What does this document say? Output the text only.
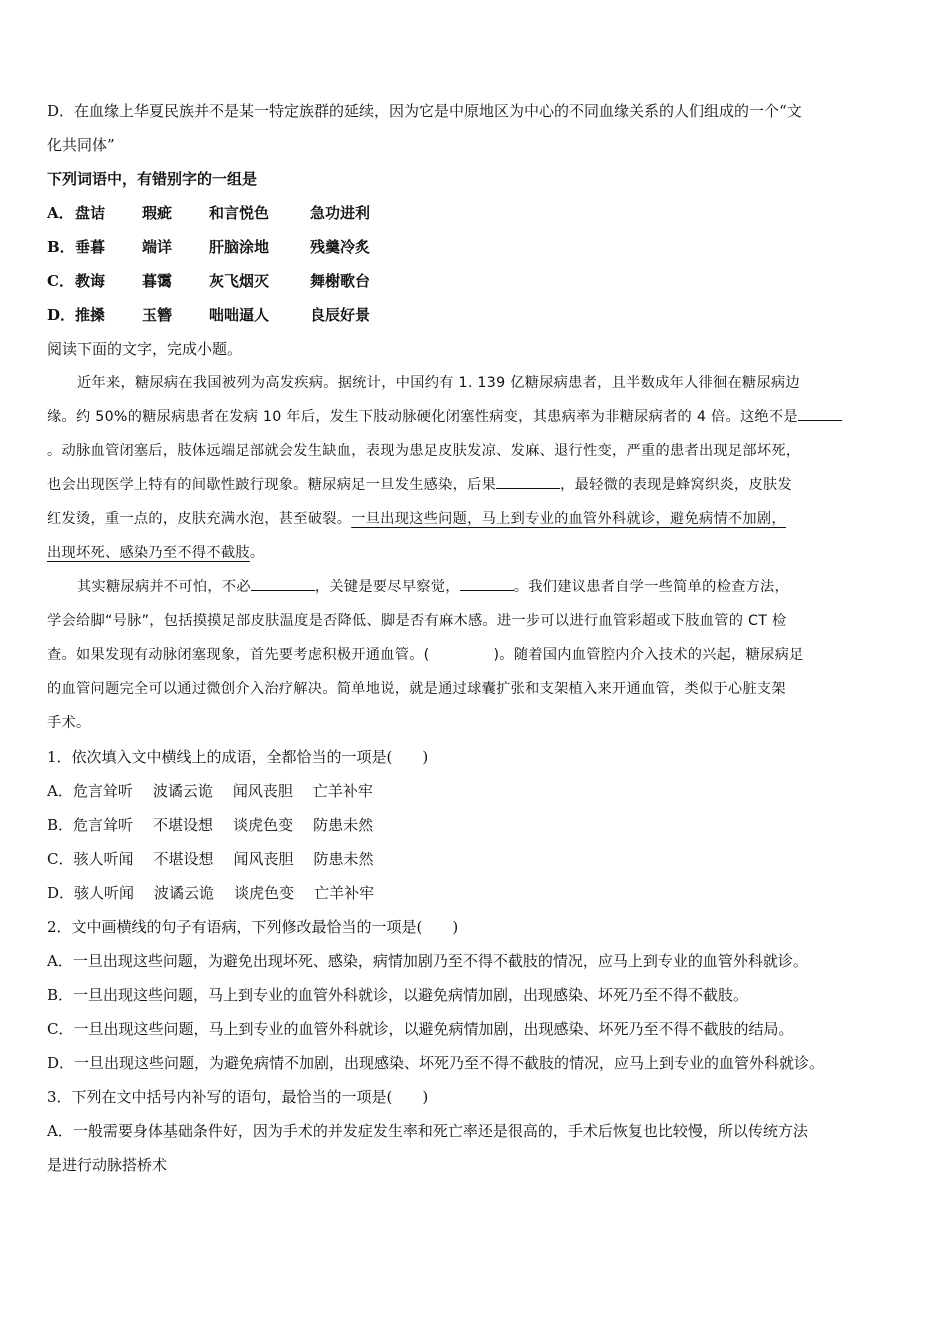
D．在血缘上华夏民族并不是某一特定族群的延续，因为它是中原地区为中心的不同血缘关系的人们组成的一个“文
化共同体”
下列词语中，有错别字的一组是
A． 盘诘	瑕疵	和言悦色	急功进利
B． 垂暮	端详	肝脑涂地	残羹冷炙
C． 教诲	暮霭	灰飞烟灭	舞榭歌台
D． 推搡	玉簪	咄咄逼人	良辰好景
阅读下面的文字，完成小题。
近年来，糖尿病在我国被列为高发疾病。据统计，中国约有 1. 139 亿糖尿病患者，且半数成年人徘徊在糖尿病边
缘。约 50%的糖尿病患者在发病 10 年后，发生下肢动脉硬化闭塞性病变，其患病率为非糖尿病者的 4 倍。这绝不是
。动脉血管闭塞后，肢体远端足部就会发生缺血，表现为患足皮肤发凉、发麻、退行性变，严重的患者出现足部坏死，
也会出现医学上特有的间歇性跛行现象。糖尿病足一旦发生感染，后果	，最轻微的表现是蜂窝织炎，皮肤发
红发烫，重一点的，皮肤充满水泡，甚至破裂。一旦出现这些问题，马上到专业的血管外科就诊，避免病情不加剧，
出现坏死、感染乃至不得不截肢。
其实糖尿病并不可怕，不必	，关键是要尽早察觉，	。我们建议患者自学一些简单的检查方法，
学会给脚“号脉”，包括摸摸足部皮肤温度是否降低、脚是否有麻木感。进一步可以进行血管彩超或下肢血管的 CT 检
查。如果发现有动脉闭塞现象，首先要考虑积极开通血管。(	)。随着国内血管腔内介入技术的兴起，糖尿病足
的血管问题完全可以通过微创介入治疗解决。简单地说，就是通过球囊扩张和支架植入来开通血管，类似于心脏支架
手术。
1．依次填入文中横线上的成语，全都恰当的一项是(　　)
A．危言耸听 波谲云诡 闻风丧胆 亡羊补牢
B．危言耸听 不堪设想 谈虎色变 防患未然
C．骇人听闻 不堪设想 闻风丧胆 防患未然
D．骇人听闻 波谲云诡 谈虎色变 亡羊补牢
2．文中画横线的句子有语病，下列修改最恰当的一项是(　　)
A．一旦出现这些问题，为避免出现坏死、感染，病情加剧乃至不得不截肢的情况，应马上到专业的血管外科就诊。
B．一旦出现这些问题，马上到专业的血管外科就诊，以避免病情加剧，出现感染、坏死乃至不得不截肢。
C．一旦出现这些问题，马上到专业的血管外科就诊，以避免病情加剧，出现感染、坏死乃至不得不截肢的结局。
D．一旦出现这些问题，为避免病情不加剧，出现感染、坏死乃至不得不截肢的情况，应马上到专业的血管外科就诊。
3．下列在文中括号内补写的语句，最恰当的一项是(　　)
A．一般需要身体基础条件好，因为手术的并发症发生率和死亡率还是很高的，手术后恢复也比较慢，所以传统方法
是进行动脉搭桥术
